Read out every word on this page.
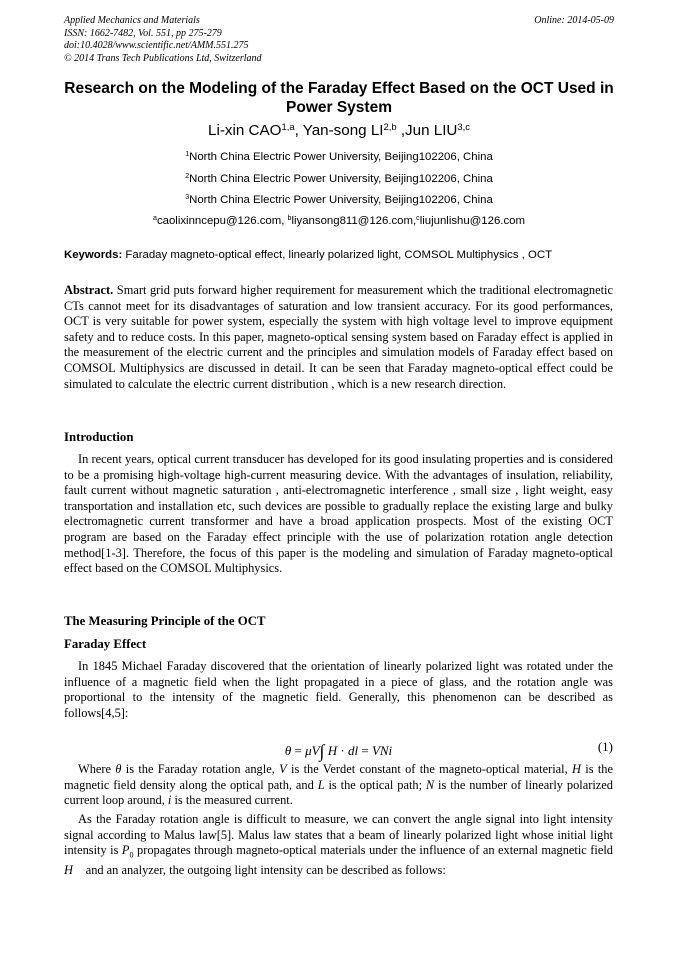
Applied Mechanics and Materials
ISSN: 1662-7482, Vol. 551, pp 275-279
doi:10.4028/www.scientific.net/AMM.551.275
© 2014 Trans Tech Publications Ltd, Switzerland
Online: 2014-05-09
Research on the Modeling of the Faraday Effect Based on the OCT Used in Power System
Li-xin CAO$^{1,a}$, Yan-song LI$^{2,b}$ ,Jun LIU$^{3,c}$
$^1$North China Electric Power University, Beijing102206, China
$^2$North China Electric Power University, Beijing102206, China
$^3$North China Electric Power University, Beijing102206, China
$^a$caolixinncepu@126.com, $^b$liyansong811@126.com,$^c$liujunlishu@126.com
Keywords: Faraday magneto-optical effect, linearly polarized light, COMSOL Multiphysics , OCT
Abstract. Smart grid puts forward higher requirement for measurement which the traditional electromagnetic CTs cannot meet for its disadvantages of saturation and low transient accuracy. For its good performances, OCT is very suitable for power system, especially the system with high voltage level to improve equipment safety and to reduce costs. In this paper, magneto-optical sensing system based on Faraday effect is applied in the measurement of the electric current and the principles and simulation models of Faraday effect based on COMSOL Multiphysics are discussed in detail. It can be seen that Faraday magneto-optical effect could be simulated to calculate the electric current distribution , which is a new research direction.
Introduction
In recent years, optical current transducer has developed for its good insulating properties and is considered to be a promising high-voltage high-current measuring device. With the advantages of insulation, reliability, fault current without magnetic saturation , anti-electromagnetic interference , small size , light weight, easy transportation and installation etc, such devices are possible to gradually replace the existing large and bulky electromagnetic current transformer and have a broad application prospects. Most of the existing OCT program are based on the Faraday effect principle with the use of polarization rotation angle detection method[1-3]. Therefore, the focus of this paper is the modeling and simulation of Faraday magneto-optical effect based on the COMSOL Multiphysics.
The Measuring Principle of the OCT
Faraday Effect
In 1845 Michael Faraday discovered that the orientation of linearly polarized light was rotated under the influence of a magnetic field when the light propagated in a piece of glass, and the rotation angle was proportional to the intensity of the magnetic field. Generally, this phenomenon can be described as follows[4,5]:
θ = μV∫ H · dl = VNi	(1)
Where θ is the Faraday rotation angle, V is the Verdet constant of the magneto-optical material, H is the magnetic field density along the optical path, and L is the optical path; N is the number of linearly polarized current loop around, i is the measured current.
As the Faraday rotation angle is difficult to measure, we can convert the angle signal into light intensity signal according to Malus law[5]. Malus law states that a beam of linearly polarized light whose initial light intensity is $P_0$ propagates through magneto-optical materials under the influence of an external magnetic field H⃗ and an analyzer, the outgoing light intensity can be described as follows:
